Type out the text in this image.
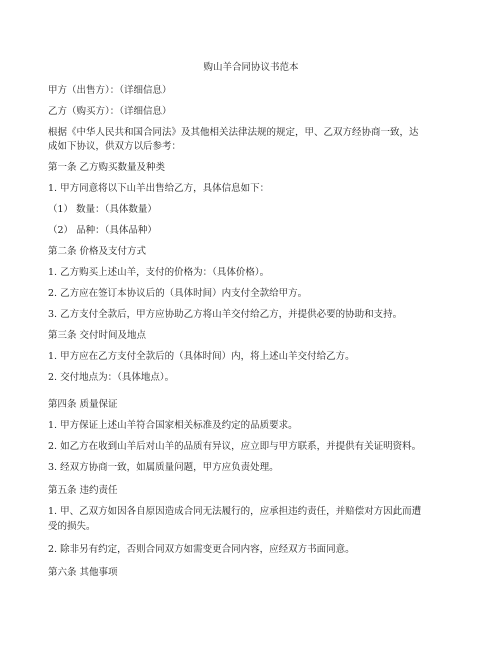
购山羊合同协议书范本
甲方（出售方）：（详细信息）
乙方（购买方）：（详细信息）
根据《中华人民共和国合同法》及其他相关法律法规的规定，甲、乙双方经协商一致，达
成如下协议，供双方以后参考：
第一条 乙方购买数量及种类
1. 甲方同意将以下山羊出售给乙方，具体信息如下：
（1） 数量：（具体数量）
（2） 品种：（具体品种）
第二条 价格及支付方式
1. 乙方购买上述山羊，支付的价格为：（具体价格）。
2. 乙方应在签订本协议后的（具体时间）内支付全款给甲方。
3. 乙方支付全款后，甲方应协助乙方将山羊交付给乙方，并提供必要的协助和支持。
第三条 交付时间及地点
1. 甲方应在乙方支付全款后的（具体时间）内，将上述山羊交付给乙方。
2. 交付地点为：（具体地点）。
第四条 质量保证
1. 甲方保证上述山羊符合国家相关标准及约定的品质要求。
2. 如乙方在收到山羊后对山羊的品质有异议，应立即与甲方联系，并提供有关证明资料。
3. 经双方协商一致，如属质量问题，甲方应负责处理。
第五条 违约责任
1. 甲、乙双方如因各自原因造成合同无法履行的，应承担违约责任，并赔偿对方因此而遭
受的损失。
2. 除非另有约定，否则合同双方如需变更合同内容，应经双方书面同意。
第六条 其他事项
